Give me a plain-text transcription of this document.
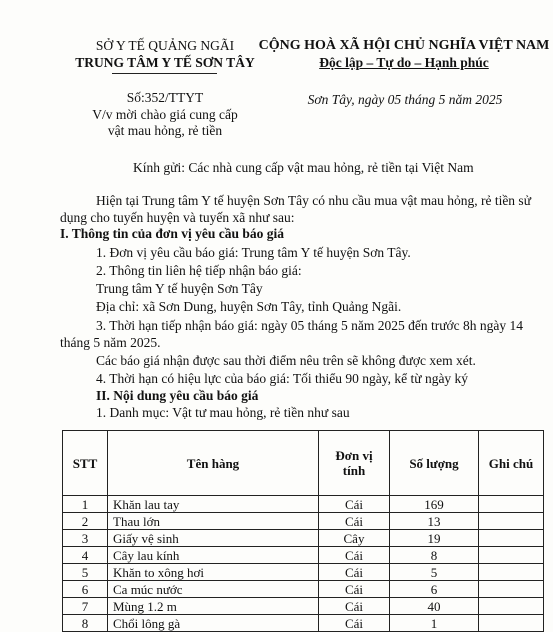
SỞ Y TẾ QUẢNG NGÃI
TRUNG TÂM Y TẾ SƠN TÂY
CỘNG HOÀ XÃ HỘI CHỦ NGHĨA VIỆT NAM
Độc lập – Tự do – Hạnh phúc
Số:352/TTYT
V/v mời chào giá cung cấp
vật mau hỏng, rẻ tiền
Sơn Tây, ngày 05 tháng 5 năm 2025
Kính gửi: Các nhà cung cấp vật mau hỏng, rẻ tiền tại Việt Nam
Hiện tại Trung tâm Y tế huyện Sơn Tây có nhu cầu mua vật mau hỏng, rẻ tiền sử
dụng cho tuyến huyện và tuyến xã như sau:
I. Thông tin của đơn vị yêu cầu báo giá
1. Đơn vị yêu cầu báo giá: Trung tâm Y tế huyện Sơn Tây.
2. Thông tin liên hệ tiếp nhận báo giá:
Trung tâm Y tế huyện Sơn Tây
Địa chỉ: xã Sơn Dung, huyện Sơn Tây, tỉnh Quảng Ngãi.
3. Thời hạn tiếp nhận báo giá: ngày 05 tháng 5 năm 2025 đến trước 8h ngày 14
tháng 5 năm 2025.
Các báo giá nhận được sau thời điểm nêu trên sẽ không được xem xét.
4. Thời hạn có hiệu lực của báo giá: Tối thiểu 90 ngày, kể từ ngày ký
II. Nội dung yêu cầu báo giá
1. Danh mục: Vật tư mau hỏng, rẻ tiền như sau
STT	Tên hàng	Đơn vị tính	Số lượng	Ghi chú
1	Khăn lau tay	Cái	169	
2	Thau lớn	Cái	13	
3	Giấy vệ sinh	Cây	19	
4	Cây lau kính	Cái	8	
5	Khăn to xông hơi	Cái	5	
6	Ca múc nước	Cái	6	
7	Mùng 1.2 m	Cái	40	
8	Chổi lông gà	Cái	1	
